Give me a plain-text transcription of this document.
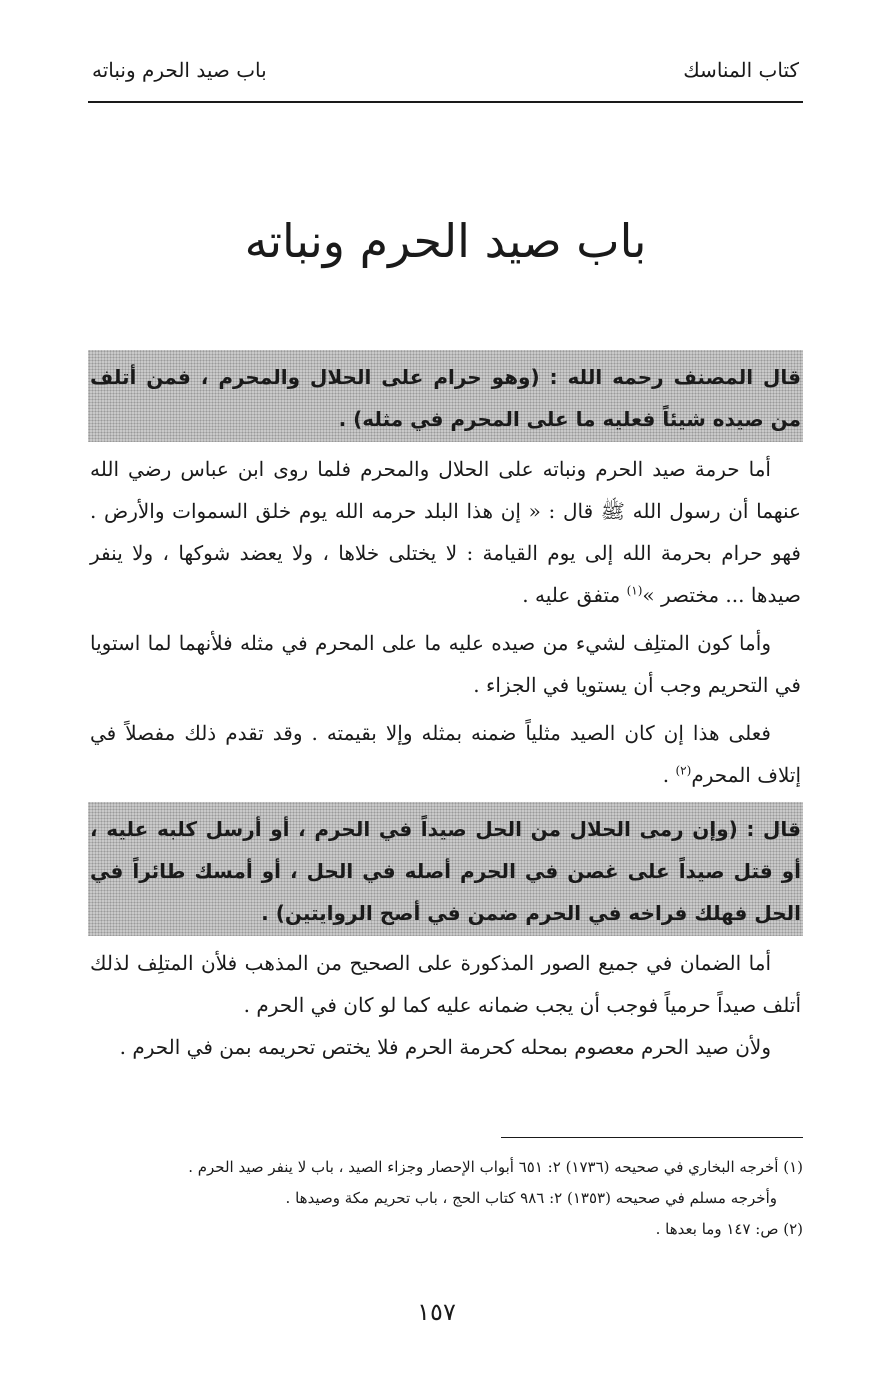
كتاب المناسك
باب صيد الحرم ونباته
باب صيد الحرم ونباته

قال المصنف رحمه الله : (وهو حرام على الحلال والمحرم ، فمن أتلف من صيده شيئاً فعليه ما على المحرم في مثله) .

أما حرمة صيد الحرم ونباته على الحلال والمحرم فلما روى ابن عباس رضي الله عنهما أن رسول الله ﷺ قال : « إن هذا البلد حرمه الله يوم خلق السموات والأرض . فهو حرام بحرمة الله إلى يوم القيامة : لا يختلى خلاها ، ولا يعضد شوكها ، ولا ينفر صيدها ... مختصر »$^{(١)}$ متفق عليه .

وأما كون المتلِف لشيء من صيده عليه ما على المحرم في مثله فلأنهما لما استويا في التحريم وجب أن يستويا في الجزاء .

فعلى هذا إن كان الصيد مثلياً ضمنه بمثله وإلا بقيمته . وقد تقدم ذلك مفصلاً في إتلاف المحرم$^{(٢)}$ .

قال : (وإن رمى الحلال من الحل صيداً في الحرم ، أو أرسل كلبه عليه ، أو قتل صيداً على غصن في الحرم أصله في الحل ، أو أمسك طائراً في الحل فهلك فراخه في الحرم ضمن في أصح الروايتين) .

أما الضمان في جميع الصور المذكورة على الصحيح من المذهب فلأن المتلِف لذلك أتلف صيداً حرمياً فوجب أن يجب ضمانه عليه كما لو كان في الحرم .

ولأن صيد الحرم معصوم بمحله كحرمة الحرم فلا يختص تحريمه بمن في الحرم .

(١) أخرجه البخاري في صحيحه (١٧٣٦) ٢: ٦٥١ أبواب الإحصار وجزاء الصيد ، باب لا ينفر صيد الحرم .

وأخرجه مسلم في صحيحه (١٣٥٣) ٢: ٩٨٦ كتاب الحج ، باب تحريم مكة وصيدها .

(٢) ص: ١٤٧ وما بعدها .

١٥٧
